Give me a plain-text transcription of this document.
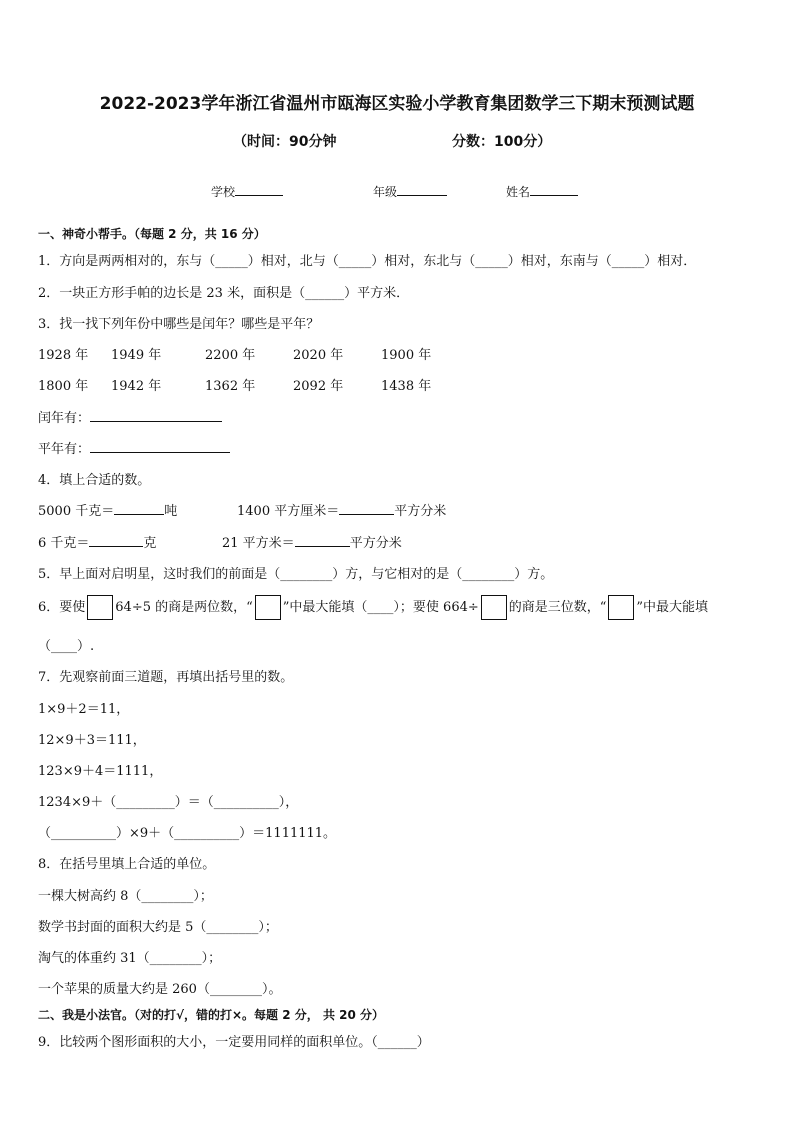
2022-2023学年浙江省温州市瓯海区实验小学教育集团数学三下期末预测试题
（时间：90分钟	分数：100分）
学校	年级	姓名
一、神奇小帮手。（每题 2 分，共 16 分）
1．方向是两两相对的，东与（_____）相对，北与（_____）相对，东北与（_____）相对，东南与（_____）相对．
2．一块正方形手帕的边长是 23 米，面积是（______）平方米．
3．找一找下列年份中哪些是闰年？哪些是平年？
1928 年 1949 年	2200 年	2020 年	1900 年
1800 年 1942 年	1362 年	2092 年	1438 年
闰年有：
平年有：
4．填上合适的数。
5000 千克＝	吨	1400 平方厘米＝	平方分米
6 千克＝	克	21 平方米＝	平方分米
5．早上面对启明星，这时我们的前面是（________）方，与它相对的是（________）方。
6．要使 64÷5 的商是两位数，“ ”中最大能填（____）；要使 664÷ 的商是三位数，“ ”中最大能填
（____）.
7．先观察前面三道题，再填出括号里的数。
1×9＋2＝11，
12×9＋3＝111，
123×9＋4＝1111，
1234×9＋（_________）＝（__________），
（__________）×9＋（__________）＝1111111。
8．在括号里填上合适的单位。
一棵大树高约 8（________）；
数学书封面的面积大约是 5（________）；
淘气的体重约 31（________）；
一个苹果的质量大约是 260（________）。
二、我是小法官。（对的打√，错的打×。每题 2 分， 共 20 分）
9．比较两个图形面积的大小，一定要用同样的面积单位。（______）
